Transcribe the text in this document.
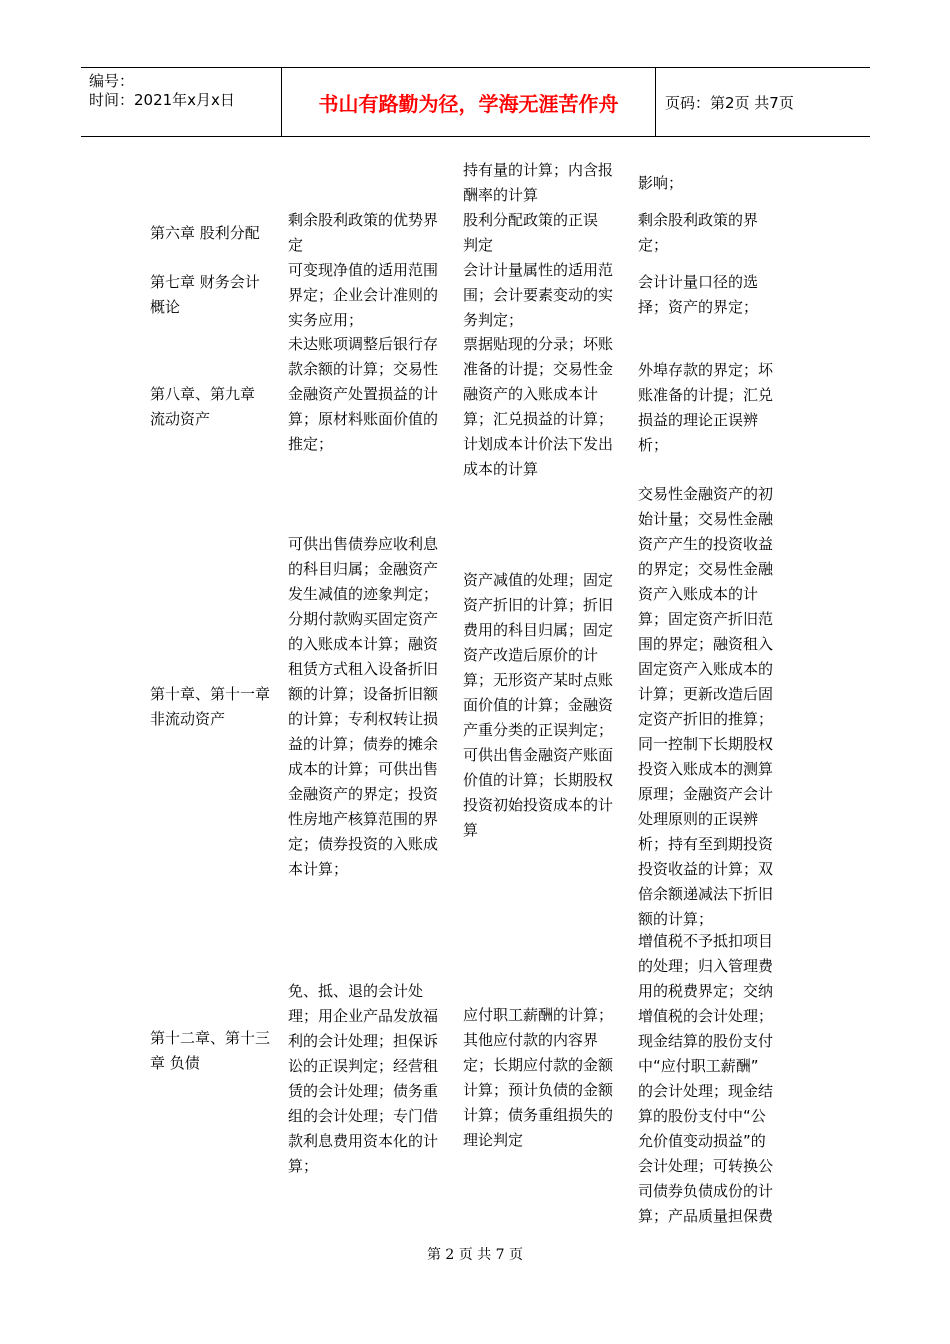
编号：
时间：2021年x月x日	书山有路勤为径，学海无涯苦作舟	页码：第2页 共7页
持有量的计算；内含报
酬率的计算
影响；
第六章 股利分配
剩余股利政策的优势界
定
股利分配政策的正误
判定
剩余股利政策的界
定；
第七章 财务会计
概论
可变现净值的适用范围
界定；企业会计准则的
实务应用；
会计计量属性的适用范
围；会计要素变动的实
务判定；
会计计量口径的选
择；资产的界定；
第八章、第九章
流动资产
未达账项调整后银行存
款余额的计算；交易性
金融资产处置损益的计
算；原材料账面价值的
推定；
票据贴现的分录；坏账
准备的计提；交易性金
融资产的入账成本计
算；汇兑损益的计算；
计划成本计价法下发出
成本的计算
外埠存款的界定；坏
账准备的计提；汇兑
损益的理论正误辨
析；
第十章、第十一章
非流动资产
可供出售债券应收利息
的科目归属；金融资产
发生减值的迹象判定；
分期付款购买固定资产
的入账成本计算；融资
租赁方式租入设备折旧
额的计算；设备折旧额
的计算；专利权转让损
益的计算；债券的摊余
成本的计算；可供出售
金融资产的界定；投资
性房地产核算范围的界
定；债券投资的入账成
本计算；
资产减值的处理；固定
资产折旧的计算；折旧
费用的科目归属；固定
资产改造后原价的计
算；无形资产某时点账
面价值的计算；金融资
产重分类的正误判定；
可供出售金融资产账面
价值的计算；长期股权
投资初始投资成本的计
算
交易性金融资产的初
始计量；交易性金融
资产产生的投资收益
的界定；交易性金融
资产入账成本的计
算；固定资产折旧范
围的界定；融资租入
固定资产入账成本的
计算；更新改造后固
定资产折旧的推算；
同一控制下长期股权
投资入账成本的测算
原理；金融资产会计
处理原则的正误辨
析；持有至到期投资
投资收益的计算；双
倍余额递减法下折旧
额的计算；
第十二章、第十三
章 负债
免、抵、退的会计处
理；用企业产品发放福
利的会计处理；担保诉
讼的正误判定；经营租
赁的会计处理；债务重
组的会计处理；专门借
款利息费用资本化的计
算；
应付职工薪酬的计算；
其他应付款的内容界
定；长期应付款的金额
计算；预计负债的金额
计算；债务重组损失的
理论判定
增值税不予抵扣项目
的处理；归入管理费
用的税费界定；交纳
增值税的会计处理；
现金结算的股份支付
中“应付职工薪酬”
的会计处理；现金结
算的股份支付中“公
允价值变动损益”的
会计处理；可转换公
司债券负债成份的计
算；产品质量担保费
第 2 页 共 7 页
